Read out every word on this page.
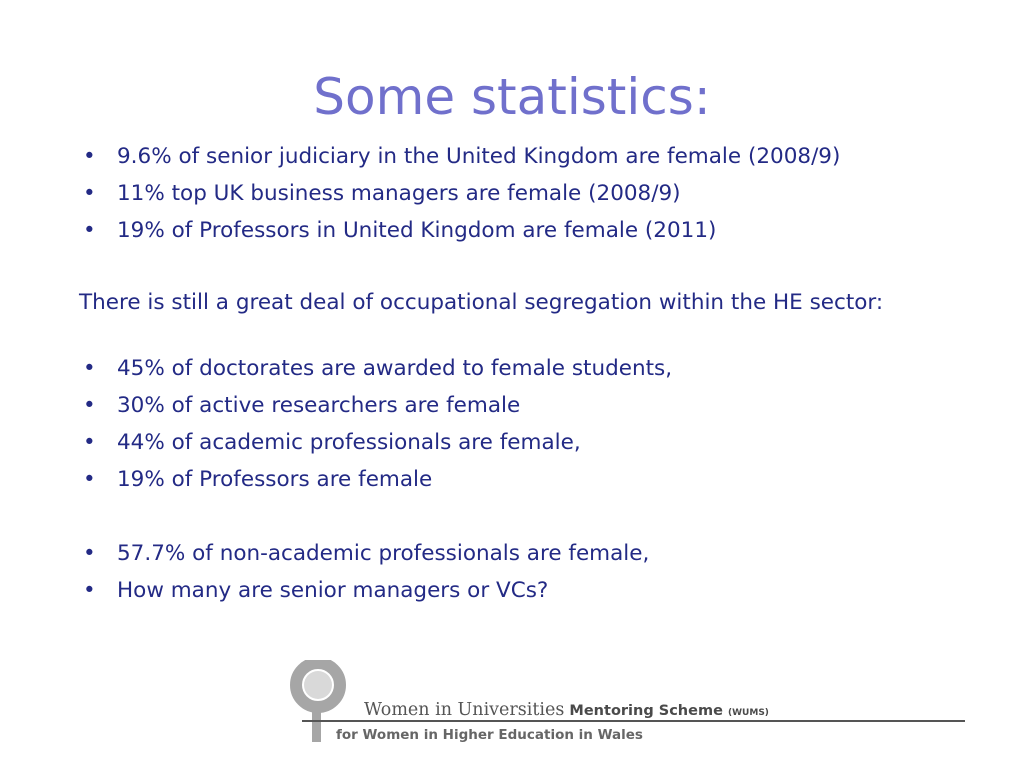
Some statistics:
• 9.6% of senior judiciary in the United Kingdom are female (2008/9)
• 11% top UK business managers are female (2008/9)
• 19% of Professors in United Kingdom are female (2011)

There is still a great deal of occupational segregation within the HE sector:

• 45% of doctorates are awarded to female students,
• 30% of active researchers are female
• 44% of academic professionals are female,
• 19% of Professors are female
• 57.7% of non-academic professionals are female,
• How many are senior managers or VCs?
Women in Universities Mentoring Scheme (WUMS)
for Women in Higher Education in Wales
